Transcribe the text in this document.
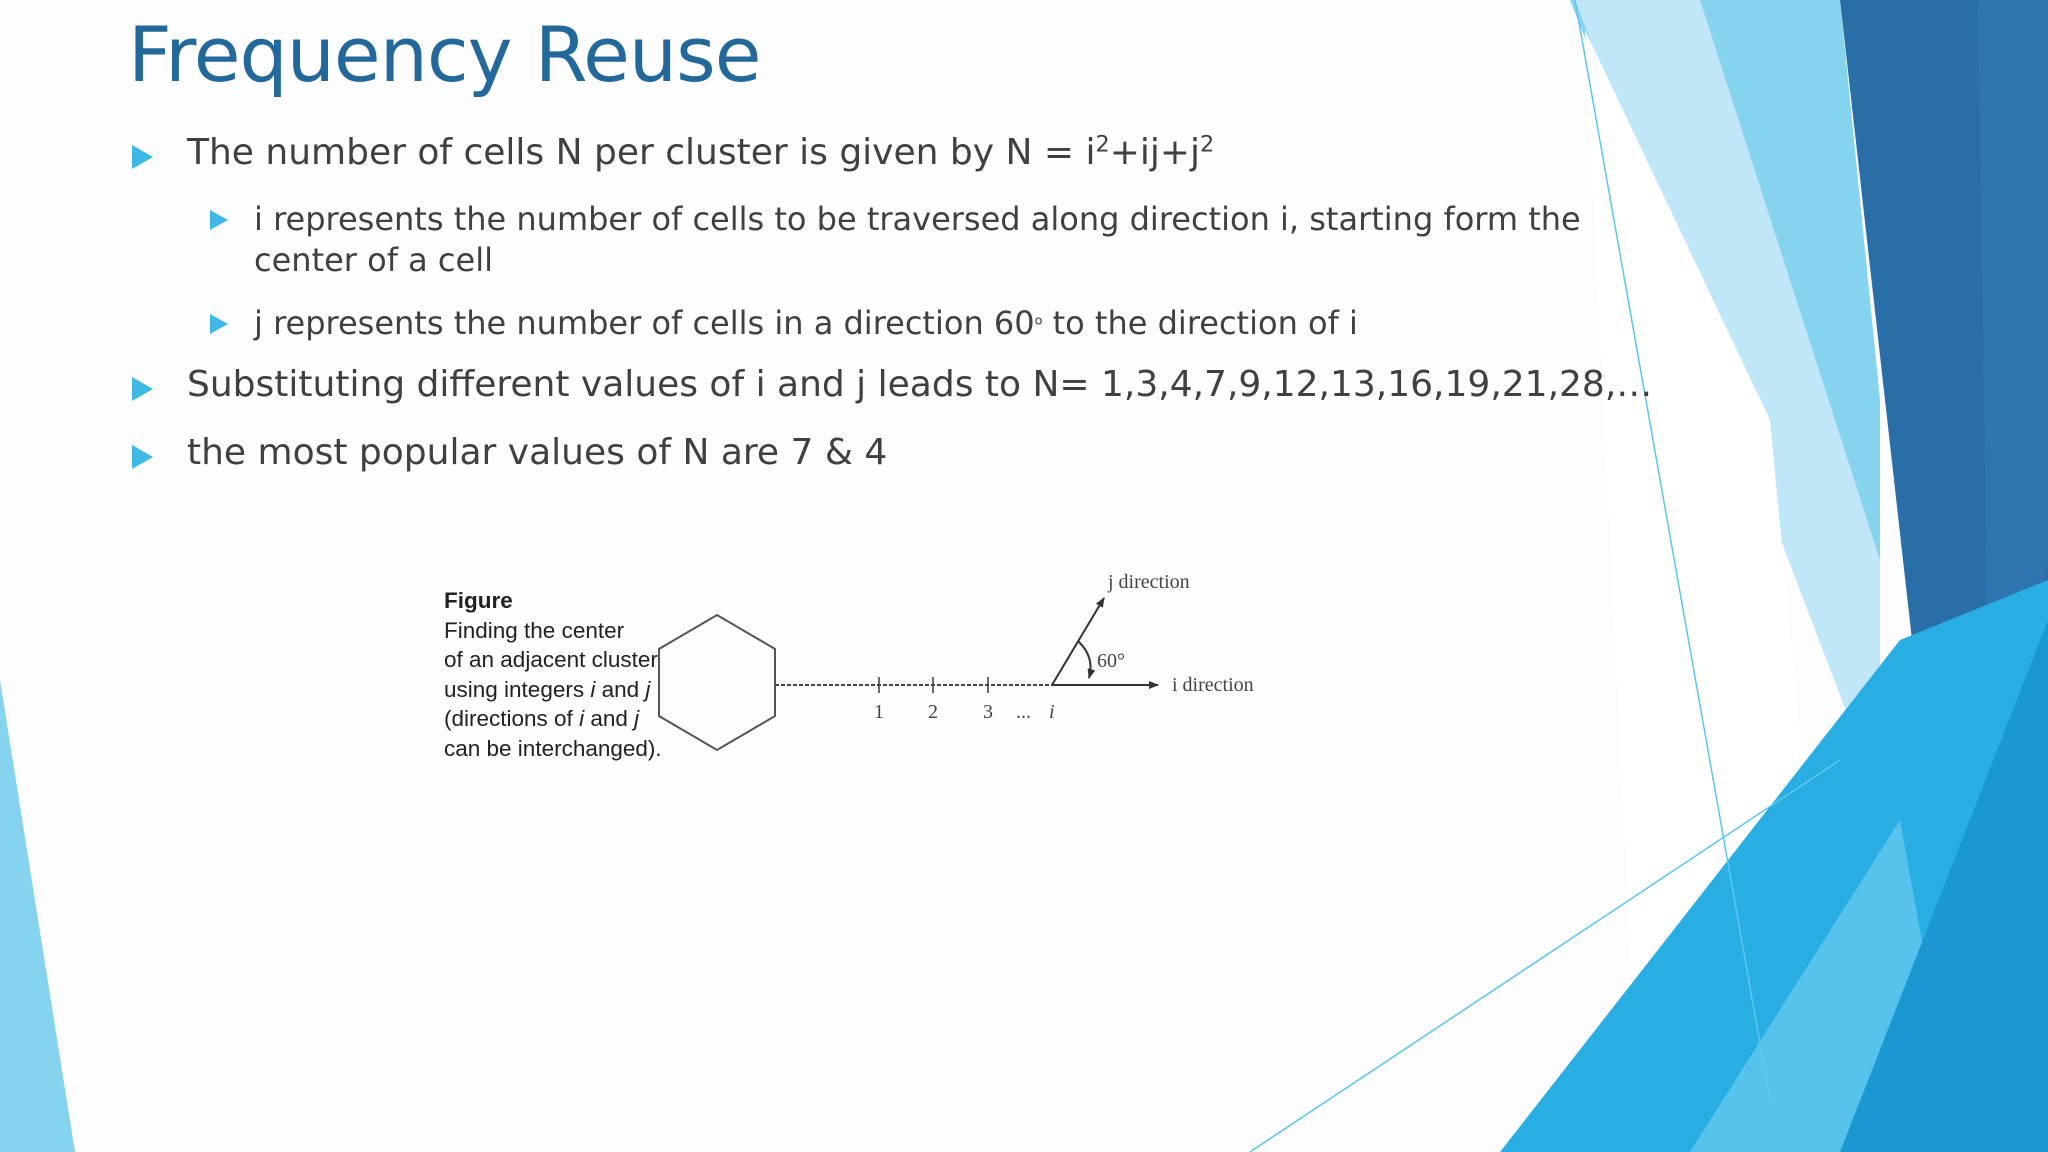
Frequency Reuse
The number of cells N per cluster is given by $N = i^2+ij+j^2$
i represents the number of cells to be traversed along direction i, starting form the
center of a cell
j represents the number of cells in a direction 60$^o$ to the direction of i
Substituting different values of i and j leads to N= 1,3,4,7,9,12,13,16,19,21,28,…
the most popular values of N are 7 & 4
Figure
Finding the center
of an adjacent cluster
using integers i and j
(directions of i and j
can be interchanged).
1 2 3 ... i
60°
j direction
i direction
